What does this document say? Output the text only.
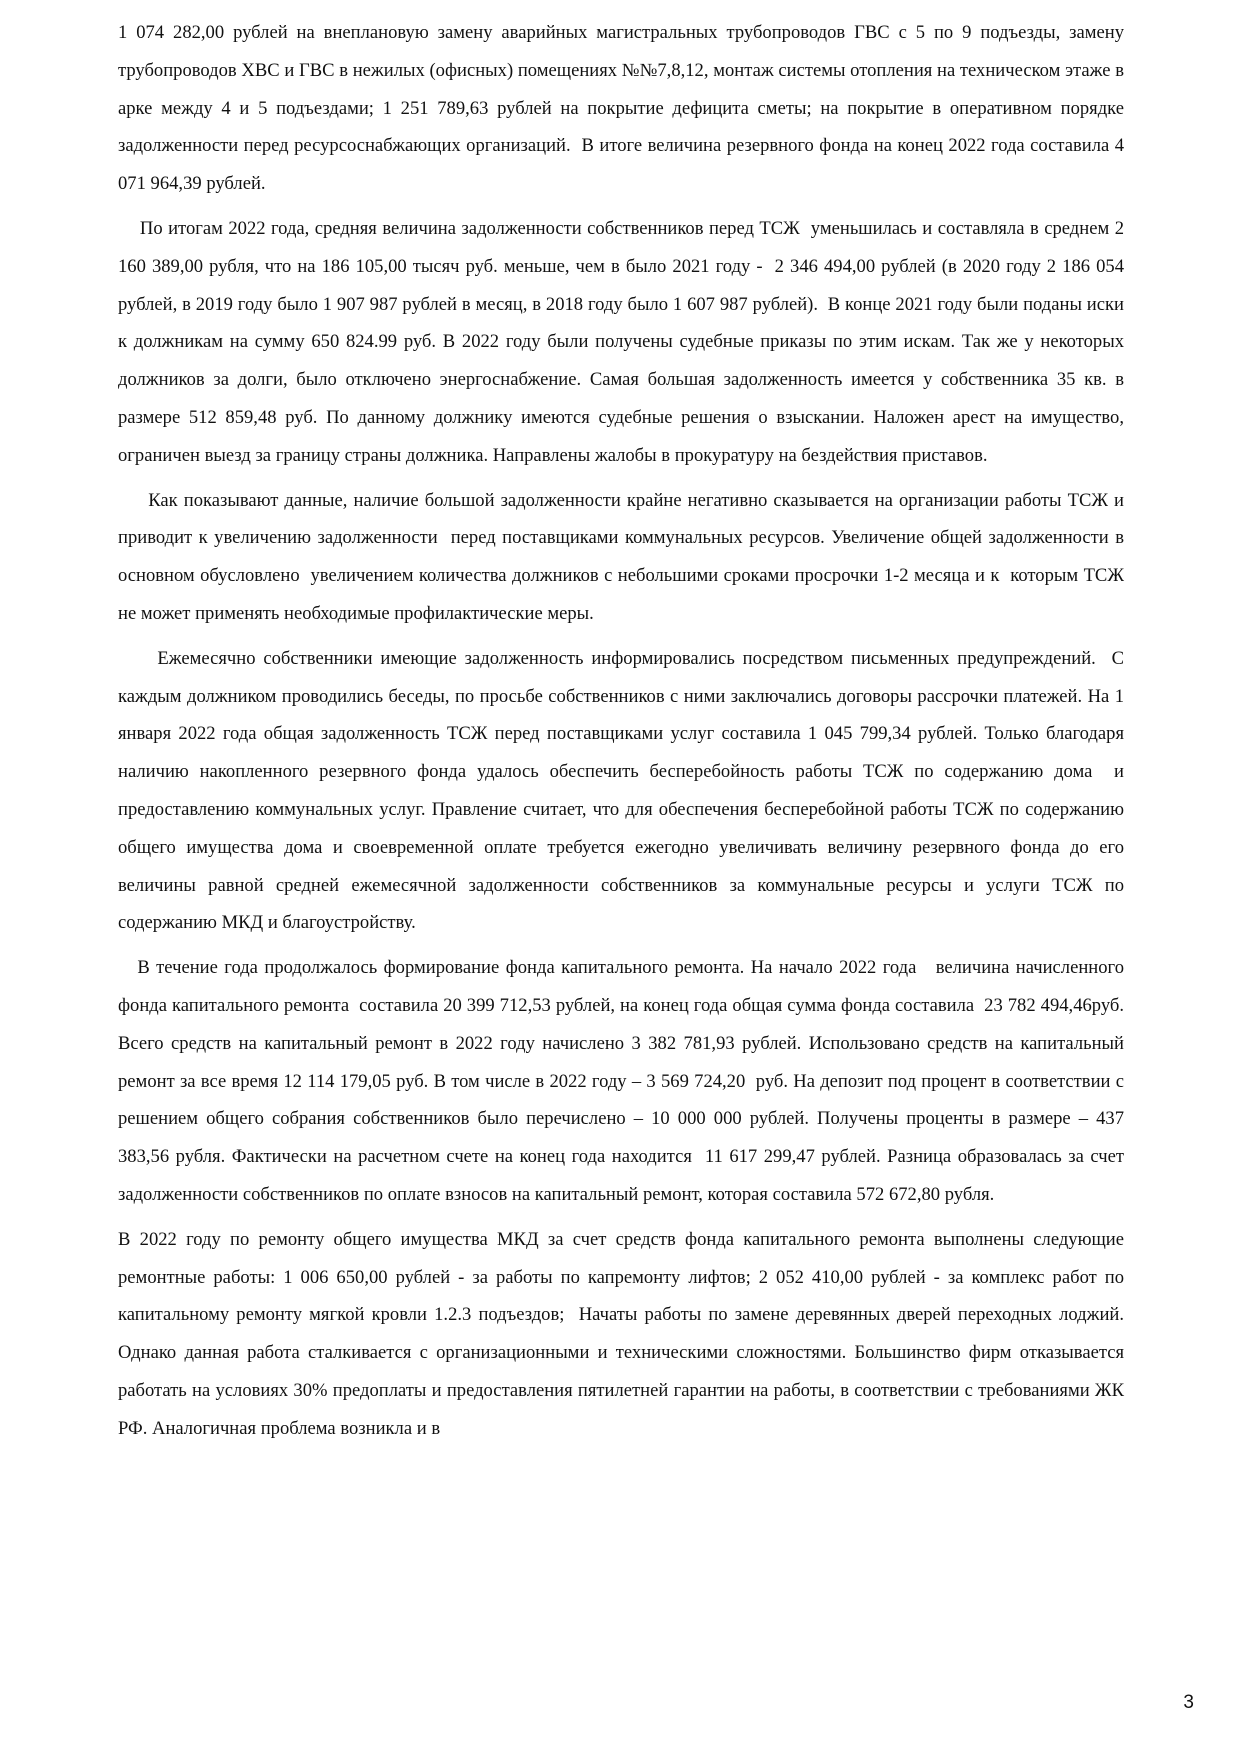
1 074 282,00 рублей на внеплановую замену аварийных магистральных трубопроводов ГВС с 5 по 9 подъезды, замену трубопроводов ХВС и ГВС в нежилых (офисных) помещениях №№7,8,12, монтаж системы отопления на техническом этаже в арке между 4 и 5 подъездами; 1 251 789,63 рублей на покрытие дефицита сметы; на покрытие в оперативном порядке задолженности перед ресурсоснабжающих организаций.  В итоге величина резервного фонда на конец 2022 года составила 4 071 964,39 рублей.

По итогам 2022 года, средняя величина задолженности собственников перед ТСЖ  уменьшилась и составляла в среднем 2 160 389,00 рубля, что на 186 105,00 тысяч руб. меньше, чем в было 2021 году -  2 346 494,00 рублей (в 2020 году 2 186 054 рублей, в 2019 году было 1 907 987 рублей в месяц, в 2018 году было 1 607 987 рублей).  В конце 2021 году были поданы иски к должникам на сумму 650 824.99 руб. В 2022 году были получены судебные приказы по этим искам. Так же у некоторых должников за долги, было отключено энергоснабжение. Самая большая задолженность имеется у собственника 35 кв. в размере 512 859,48 руб. По данному должнику имеются судебные решения о взыскании. Наложен арест на имущество, ограничен выезд за границу страны должника. Направлены жалобы в прокуратуру на бездействия приставов.

Как показывают данные, наличие большой задолженности крайне негативно сказывается на организации работы ТСЖ и приводит к увеличению задолженности  перед поставщиками коммунальных ресурсов. Увеличение общей задолженности в основном обусловлено  увеличением количества должников с небольшими сроками просрочки 1-2 месяца и к  которым ТСЖ не может применять необходимые профилактические меры.

Ежемесячно собственники имеющие задолженность информировались посредством письменных предупреждений.  С каждым должником проводились беседы, по просьбе собственников с ними заключались договоры рассрочки платежей. На 1 января 2022 года общая задолженность ТСЖ перед поставщиками услуг составила 1 045 799,34 рублей. Только благодаря наличию накопленного резервного фонда удалось обеспечить бесперебойность работы ТСЖ по содержанию дома  и предоставлению коммунальных услуг. Правление считает, что для обеспечения бесперебойной работы ТСЖ по содержанию общего имущества дома и своевременной оплате требуется ежегодно увеличивать величину резервного фонда до его величины равной средней ежемесячной задолженности собственников за коммунальные ресурсы и услуги ТСЖ по содержанию МКД и благоустройству.

В течение года продолжалось формирование фонда капитального ремонта. На начало 2022 года   величина начисленного фонда капитального ремонта  составила 20 399 712,53 рублей, на конец года общая сумма фонда составила  23 782 494,46руб. Всего средств на капитальный ремонт в 2022 году начислено 3 382 781,93 рублей. Использовано средств на капитальный ремонт за все время 12 114 179,05 руб. В том числе в 2022 году – 3 569 724,20  руб. На депозит под процент в соответствии с решением общего собрания собственников было перечислено – 10 000 000 рублей. Получены проценты в размере – 437 383,56 рубля. Фактически на расчетном счете на конец года находится  11 617 299,47 рублей. Разница образовалась за счет задолженности собственников по оплате взносов на капитальный ремонт, которая составила 572 672,80 рубля.

В 2022 году по ремонту общего имущества МКД за счет средств фонда капитального ремонта выполнены следующие ремонтные работы: 1 006 650,00 рублей - за работы по капремонту лифтов; 2 052 410,00 рублей - за комплекс работ по капитальному ремонту мягкой кровли 1.2.3 подъездов;  Начаты работы по замене деревянных дверей переходных лоджий. Однако данная работа сталкивается с организационными и техническими сложностями. Большинство фирм отказывается работать на условиях 30% предоплаты и предоставления пятилетней гарантии на работы, в соответствии с требованиями ЖК РФ. Аналогичная проблема возникла и в

3
